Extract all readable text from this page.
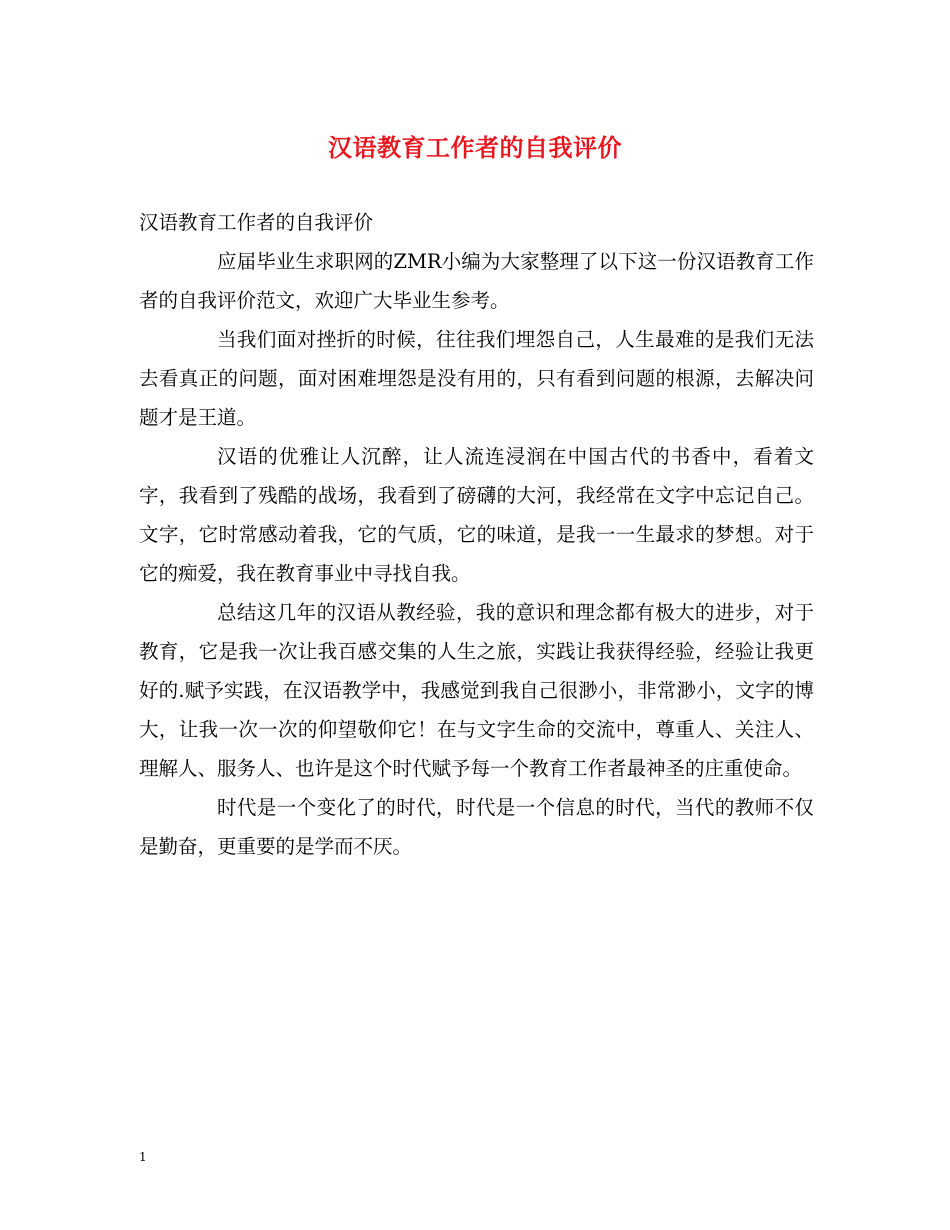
汉语教育工作者的自我评价

汉语教育工作者的自我评价

应届毕业生求职网的ZMR小编为大家整理了以下这一份汉语教育工作者的自我评价范文，欢迎广大毕业生参考。

当我们面对挫折的时候，往往我们埋怨自己，人生最难的是我们无法去看真正的问题，面对困难埋怨是没有用的，只有看到问题的根源，去解决问题才是王道。

汉语的优雅让人沉醉，让人流连浸润在中国古代的书香中，看着文字，我看到了残酷的战场，我看到了磅礴的大河，我经常在文字中忘记自己。文字，它时常感动着我，它的气质，它的味道，是我一一生最求的梦想。对于它的痴爱，我在教育事业中寻找自我。

总结这几年的汉语从教经验，我的意识和理念都有极大的进步，对于教育，它是我一次让我百感交集的人生之旅，实践让我获得经验，经验让我更好的.赋予实践，在汉语教学中，我感觉到我自己很渺小，非常渺小，文字的博大，让我一次一次的仰望敬仰它！在与文字生命的交流中，尊重人、关注人、理解人、服务人、也许是这个时代赋予每一个教育工作者最神圣的庄重使命。

时代是一个变化了的时代，时代是一个信息的时代，当代的教师不仅是勤奋，更重要的是学而不厌。

1
